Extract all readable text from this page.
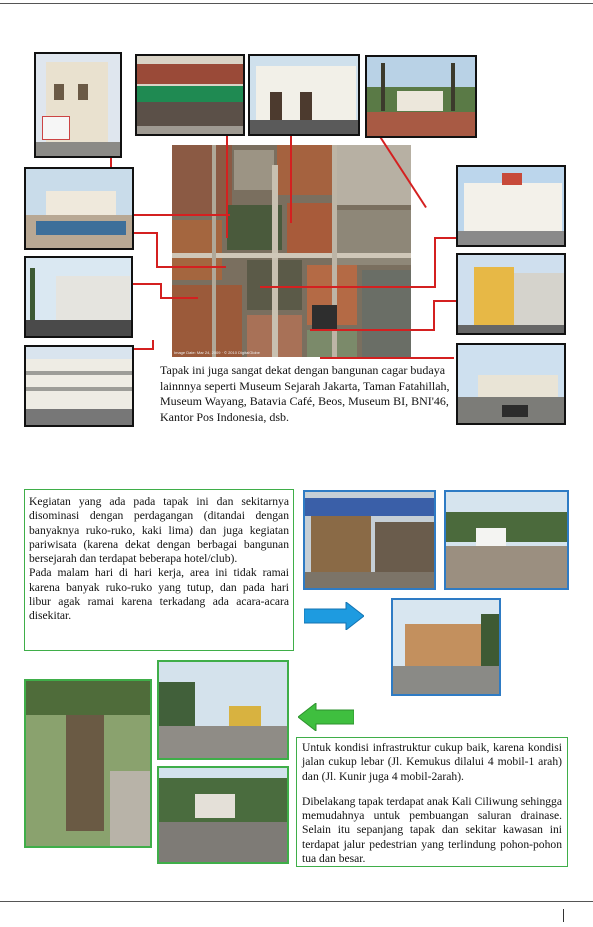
Image Date: Mar 24, 2009 · © 2010 DigitalGlobe
Tapak ini juga sangat dekat dengan bangunan cagar budaya lainnnya seperti Museum Sejarah Jakarta, Taman Fatahillah, Museum Wayang, Batavia Café, Beos, Museum BI, BNI'46, Kantor Pos Indonesia, dsb.

Kegiatan yang ada pada tapak ini dan sekitarnya disominasi dengan perdagangan (ditandai dengan banyaknya ruko-ruko, kaki lima) dan juga kegiatan pariwisata (karena dekat dengan berbagai bangunan bersejarah dan terdapat beberapa hotel/club).

Pada malam hari di hari kerja, area ini tidak ramai karena banyak ruko-ruko yang tutup, dan pada hari libur agak ramai karena terkadang ada acara-acara disekitar.

Untuk kondisi infrastruktur cukup baik, karena kondisi jalan cukup lebar (Jl. Kemukus dilalui 4 mobil-1 arah) dan (Jl. Kunir juga 4 mobil-2arah).

Dibelakang tapak terdapat anak Kali Ciliwung sehingga memudahnya untuk pembuangan saluran drainase. Selain itu sepanjang tapak dan sekitar kawasan ini terdapat jalur pedestrian yang terlindung pohon-pohon tua dan besar.
